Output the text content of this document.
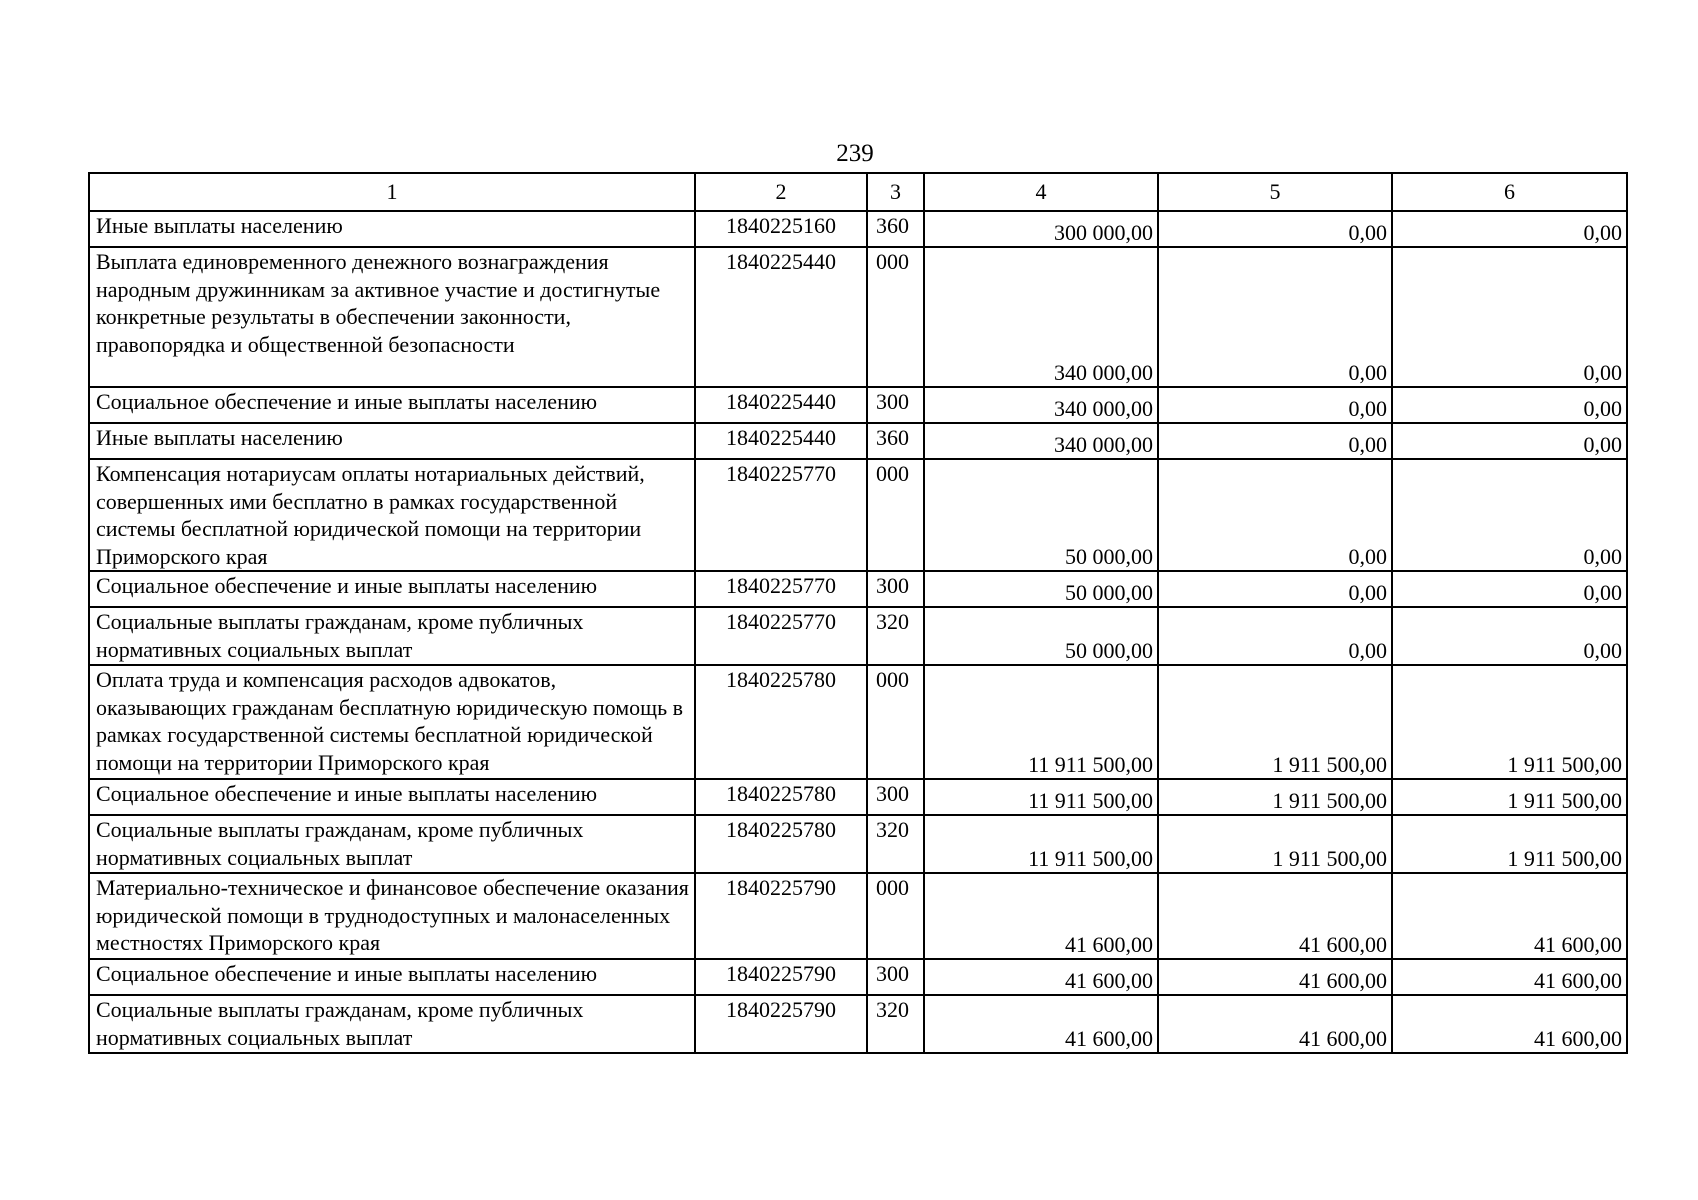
239
1	2	3	4	5	6
Иные выплаты населению	1840225160	360	300 000,00	0,00	0,00
Выплата единовременного денежного вознаграждения народным дружинникам за активное участие и достигнутые конкретные результаты в обеспечении законности, правопорядка и общественной безопасности	1840225440	000	340 000,00	0,00	0,00
Социальное обеспечение и иные выплаты населению	1840225440	300	340 000,00	0,00	0,00
Иные выплаты населению	1840225440	360	340 000,00	0,00	0,00
Компенсация нотариусам оплаты нотариальных действий, совершенных ими бесплатно в рамках государственной системы бесплатной юридической помощи на территории Приморского края	1840225770	000	50 000,00	0,00	0,00
Социальное обеспечение и иные выплаты населению	1840225770	300	50 000,00	0,00	0,00
Социальные выплаты гражданам, кроме публичных нормативных социальных выплат	1840225770	320	50 000,00	0,00	0,00
Оплата труда и компенсация расходов адвокатов, оказывающих гражданам бесплатную юридическую помощь в рамках государственной системы бесплатной юридической помощи на территории Приморского края	1840225780	000	11 911 500,00	1 911 500,00	1 911 500,00
Социальное обеспечение и иные выплаты населению	1840225780	300	11 911 500,00	1 911 500,00	1 911 500,00
Социальные выплаты гражданам, кроме публичных нормативных социальных выплат	1840225780	320	11 911 500,00	1 911 500,00	1 911 500,00
Материально-техническое и финансовое обеспечение оказания юридической помощи в труднодоступных и малонаселенных местностях Приморского края	1840225790	000	41 600,00	41 600,00	41 600,00
Социальное обеспечение и иные выплаты населению	1840225790	300	41 600,00	41 600,00	41 600,00
Социальные выплаты гражданам, кроме публичных нормативных социальных выплат	1840225790	320	41 600,00	41 600,00	41 600,00
